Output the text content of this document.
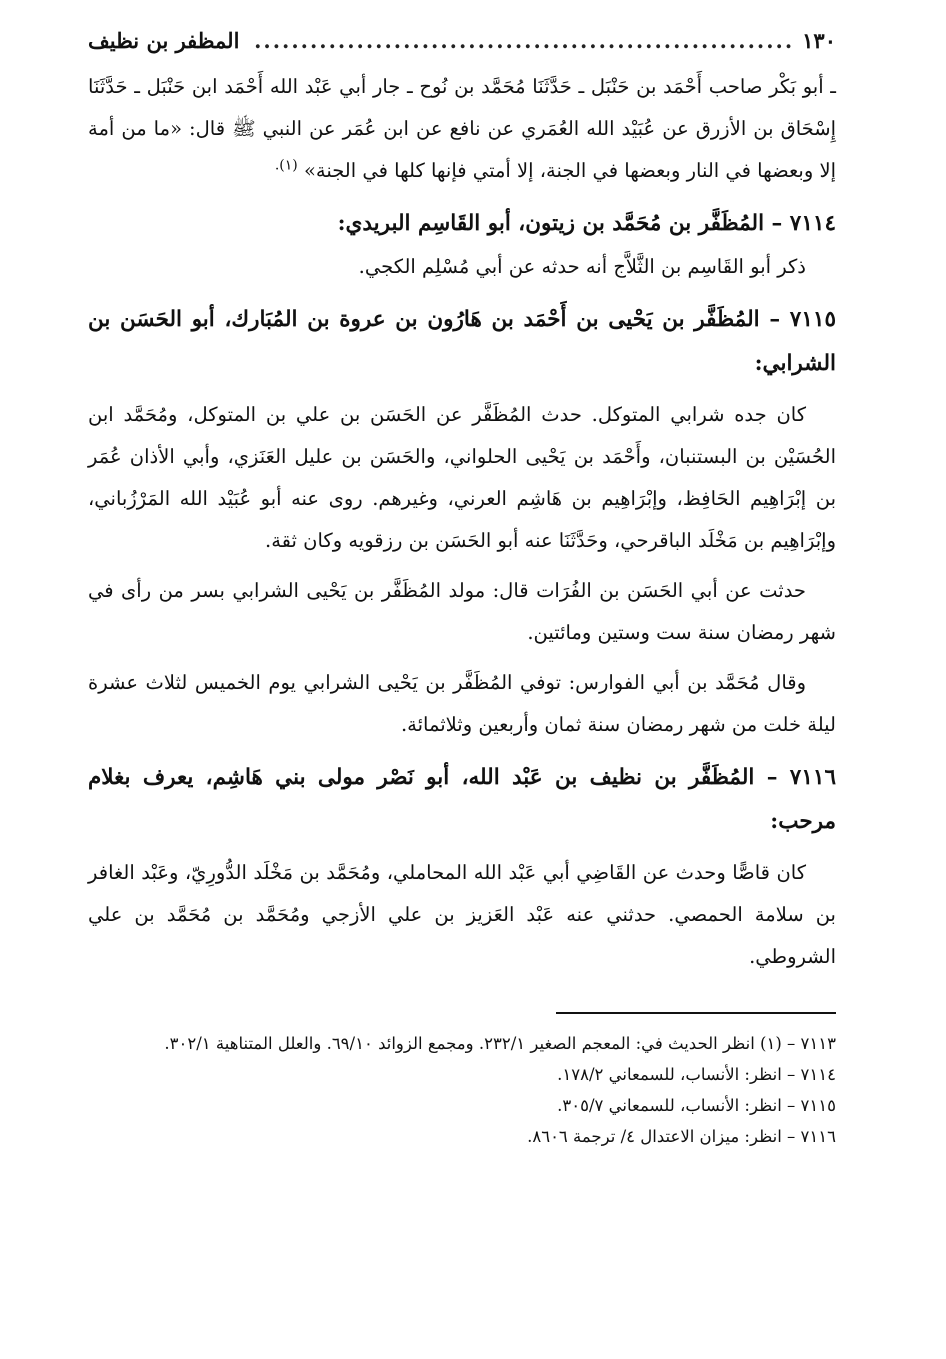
١٣٠
..........................................................
المظفر بن نظيف

ـ أبو بَكْر صاحب أَحْمَد بن حَنْبَل ـ حَدَّثَنَا مُحَمَّد بن نُوح ـ جار أبي عَبْد الله أَحْمَد ابن حَنْبَل ـ حَدَّثَنَا إِسْحَاق بن الأزرق عن عُبَيْد الله العُمَري عن نافع عن ابن عُمَر عن النبي ﷺ قال: «ما من أمة إلا وبعضها في النار وبعضها في الجنة، إلا أمتي فإنها كلها في الجنة» $^{(١).}$

٧١١٤ – المُظَفَّر بن مُحَمَّد بن زيتون، أبو القَاسِم البريدي:

ذكر أبو القَاسِم بن الثَّلاَّج أنه حدثه عن أبي مُسْلِم الكجي.

٧١١٥ – المُظَفَّر بن يَحْيى بن أَحْمَد بن هَارُون بن عروة بن المُبَارك، أبو الحَسَن بن الشرابي:

كان جده شرابي المتوكل. حدث المُظَفَّر عن الحَسَن بن علي بن المتوكل، ومُحَمَّد ابن الحُسَيْن بن البستنبان، وأَحْمَد بن يَحْيى الحلواني، والحَسَن بن عليل العَنَزي، وأبي الأذان عُمَر بن إبْرَاهِيم الحَافِظ، وإبْرَاهِيم بن هَاشِم العرني، وغيرهم. روى عنه أبو عُبَيْد الله المَرْزُباني، وإبْرَاهِيم بن مَخْلَد الباقرحي، وحَدَّثَنَا عنه أبو الحَسَن بن رزقويه وكان ثقة.

حدثت عن أبي الحَسَن بن الفُرَات قال: مولد المُظَفَّر بن يَحْيى الشرابي بسر من رأى في شهر رمضان سنة ست وستين ومائتين.

وقال مُحَمَّد بن أبي الفوارس: توفي المُظَفَّر بن يَحْيى الشرابي يوم الخميس لثلاث عشرة ليلة خلت من شهر رمضان سنة ثمان وأربعين وثلاثمائة.

٧١١٦ – المُظَفَّر بن نظيف بن عَبْد الله، أبو نَصْر مولى بني هَاشِم، يعرف بغلام مرحب:

كان قاصًّا وحدث عن القَاضِي أبي عَبْد الله المحاملي، ومُحَمَّد بن مَخْلَد الدُّورِيّ، وعَبْد الغافر بن سلامة الحمصي. حدثني عنه عَبْد العَزيز بن علي الأزجي ومُحَمَّد بن مُحَمَّد بن علي الشروطي.

٧١١٣ – (١) انظر الحديث في: المعجم الصغير ٢٣٢/١. ومجمع الزوائد ٦٩/١٠. والعلل المتناهية ٣٠٢/١.

٧١١٤ – انظر: الأنساب، للسمعاني ١٧٨/٢.

٧١١٥ – انظر: الأنساب، للسمعاني ٣٠٥/٧.

٧١١٦ – انظر: ميزان الاعتدال ٤/ ترجمة ٨٦٠٦.
